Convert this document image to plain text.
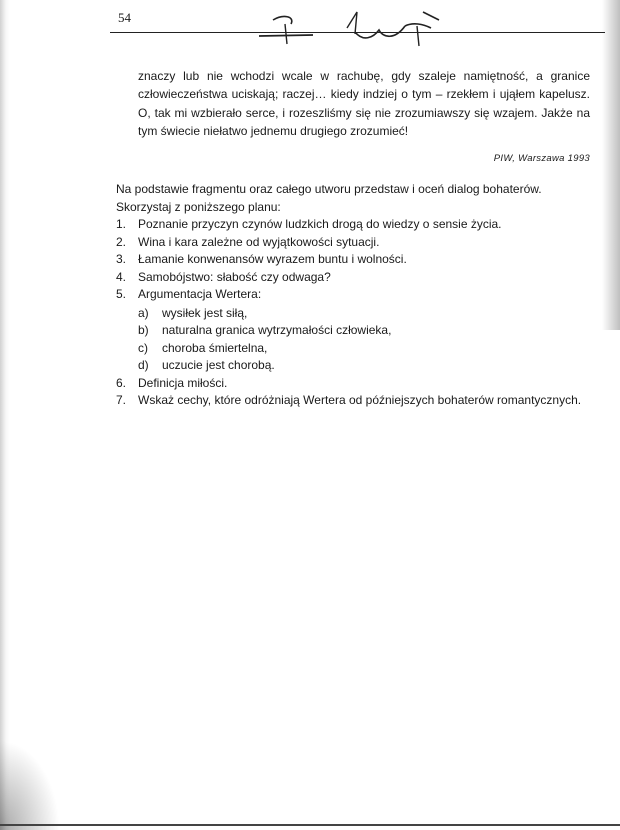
54

znaczy lub nie wchodzi wcale w rachubę, gdy szaleje namiętność, a granice człowieczeństwa uciskają; raczej… kiedy indziej o tym – rzekłem i ująłem kapelusz. O, tak mi wzbierało serce, i rozeszliśmy się nie zrozumiawszy się wzajem. Jakże na tym świecie niełatwo jednemu drugiego zrozumieć!

PIW, Warszawa 1993

Na podstawie fragmentu oraz całego utworu przedstaw i oceń dialog bohaterów. Skorzystaj z poniższego planu:

1. Poznanie przyczyn czynów ludzkich drogą do wiedzy o sensie życia.
2. Wina i kara zależne od wyjątkowości sytuacji.
3. Łamanie konwenansów wyrazem buntu i wolności.
4. Samobójstwo: słabość czy odwaga?
5. Argumentacja Wertera:
a)	wysiłek jest siłą,
b)	naturalna granica wytrzymałości człowieka,
c)	choroba śmiertelna,
d)	uczucie jest chorobą.
6. Definicja miłości.
7. Wskaż cechy, które odróżniają Wertera od późniejszych bohaterów romantycznych.
